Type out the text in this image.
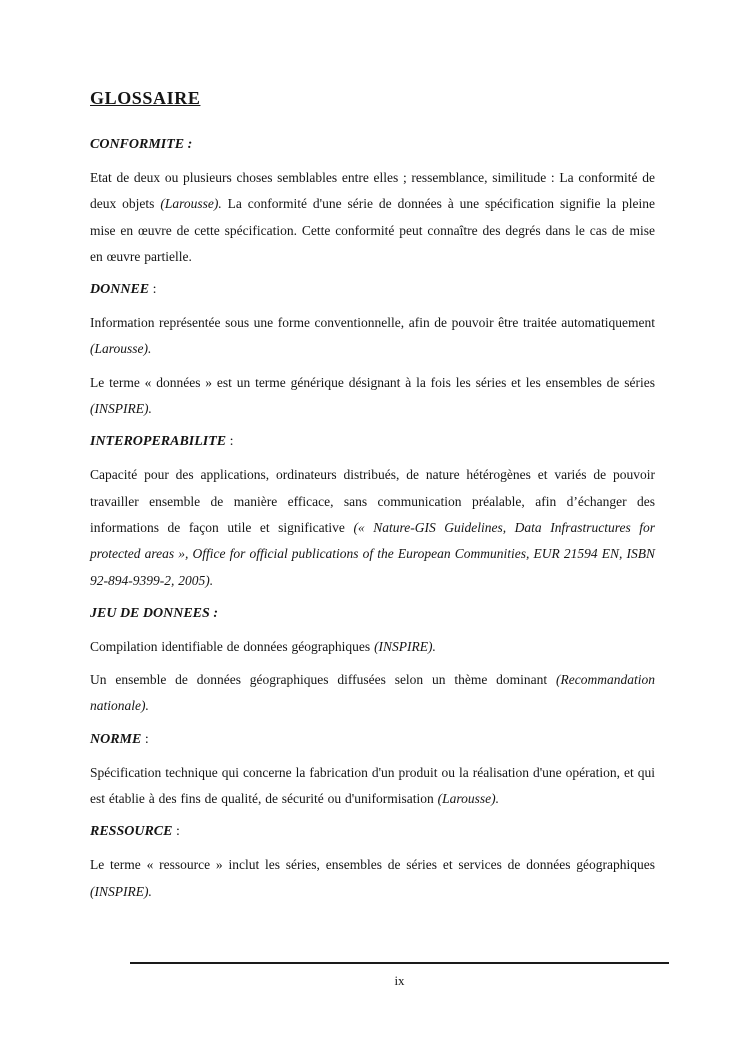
GLOSSAIRE

CONFORMITE :

Etat de deux ou plusieurs choses semblables entre elles ; ressemblance, similitude : La conformité de deux objets (Larousse). La conformité d'une série de données à une spécification signifie la pleine mise en œuvre de cette spécification. Cette conformité peut connaître des degrés dans le cas de mise en œuvre partielle.

DONNEE :

Information représentée sous une forme conventionnelle, afin de pouvoir être traitée automatiquement (Larousse).

Le terme « données » est un terme générique désignant à la fois les séries et les ensembles de séries (INSPIRE).

INTEROPERABILITE :

Capacité pour des applications, ordinateurs distribués, de nature hétérogènes et variés de pouvoir travailler ensemble de manière efficace, sans communication préalable, afin d’échanger des informations de façon utile et significative (« Nature-GIS Guidelines, Data Infrastructures for protected areas », Office for official publications of the European Communities, EUR 21594 EN, ISBN 92-894-9399-2, 2005).

JEU DE DONNEES :

Compilation identifiable de données géographiques (INSPIRE).

Un ensemble de données géographiques diffusées selon un thème dominant (Recommandation nationale).

NORME :

Spécification technique qui concerne la fabrication d'un produit ou la réalisation d'une opération, et qui est établie à des fins de qualité, de sécurité ou d'uniformisation (Larousse).

RESSOURCE :

Le terme « ressource » inclut les séries, ensembles de séries et services de données géographiques (INSPIRE).

ix
